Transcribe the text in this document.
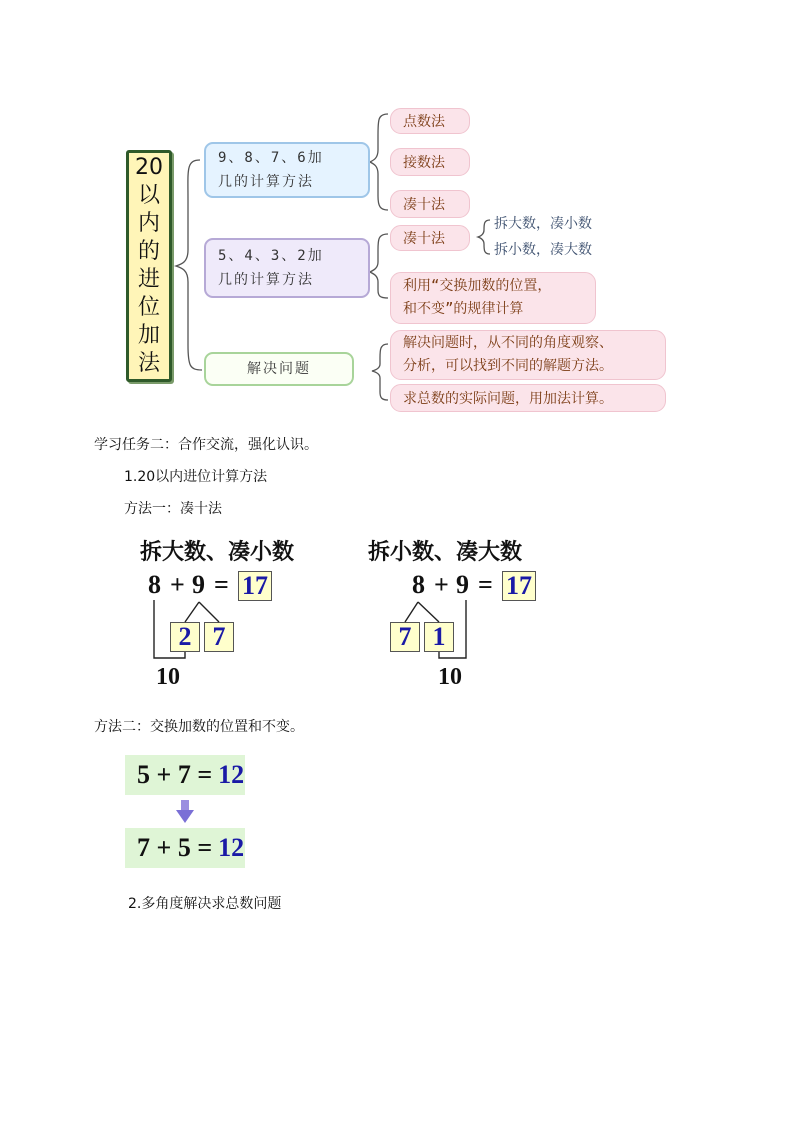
20
以
内
的
进
位
加
法
9、8、7、6加
几的计算方法
5、4、3、2加
几的计算方法
解决问题
点数法
接数法
凑十法
凑十法
拆大数，凑小数
拆小数，凑大数
利用“交换加数的位置，
和不变”的规律计算
解决问题时，从不同的角度观察、
分析，可以找到不同的解题方法。
求总数的实际问题，用加法计算。
学习任务二：合作交流，强化认识。
1.20以内进位计算方法
方法一：凑十法
拆大数、凑小数
8 + 9 = 17
2 7
10
拆小数、凑大数
8 + 9 = 17
7 1
10
方法二：交换加数的位置和不变。
5 + 7 = 12
7 + 5 = 12
2.多角度解决求总数问题
